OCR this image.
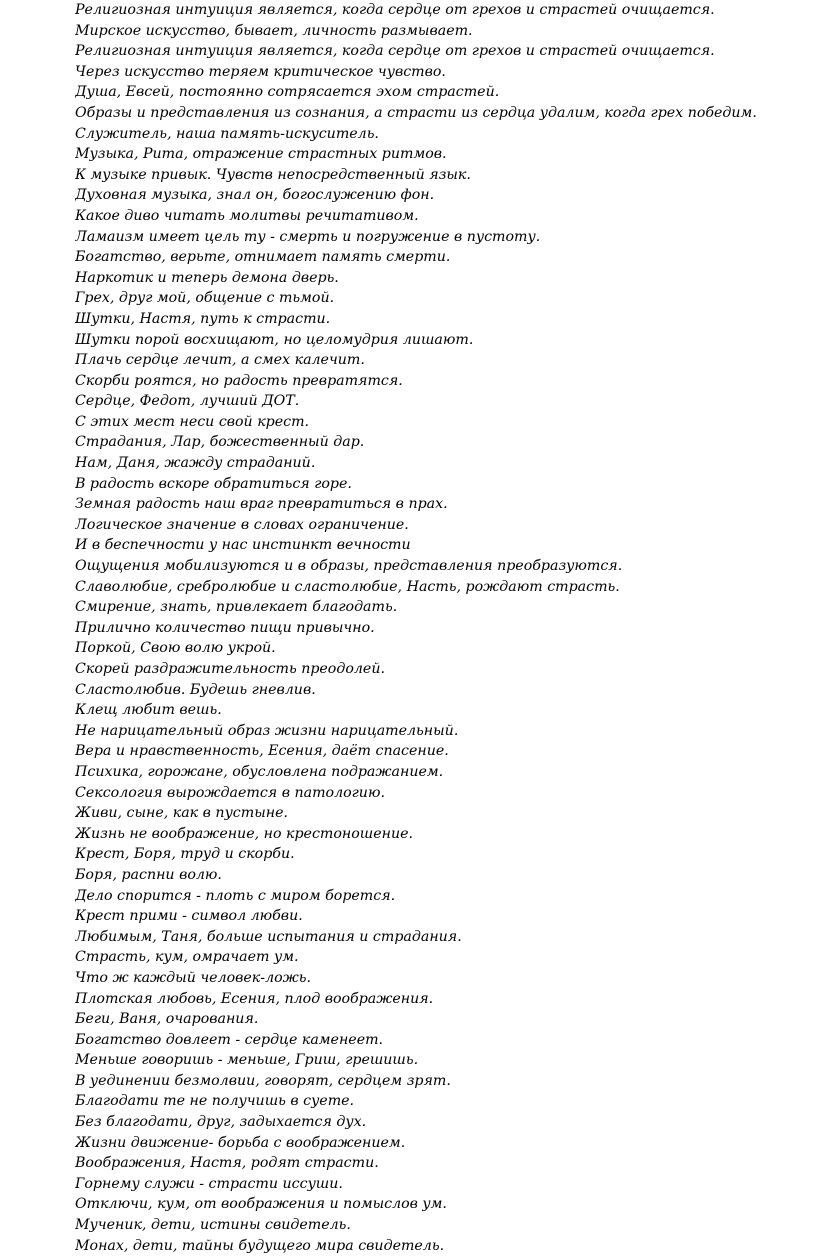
Религиозная интуиция является, когда сердце от грехов и страстей очищается.
Мирское искусство, бывает, личность размывает.
Религиозная интуиция является, когда сердце от грехов и страстей очищается.
Через искусство теряем критическое чувство.
Душа, Евсей, постоянно сотрясается эхом страстей.
Образы и представления из сознания, а страсти из сердца удалим, когда грех победим.
Служитель, наша память-искуситель.
Музыка, Рита, отражение страстных ритмов.
К музыке привык. Чувств непосредственный язык.
Духовная музыка, знал он, богослужению фон.
Какое диво читать молитвы речитативом.
Ламаизм имеет цель ту - смерть и погружение в пустоту.
Богатство, верьте, отнимает память смерти.
Наркотик и теперь демона дверь.
Грех, друг мой, общение с тьмой.
Шутки, Настя, путь к страсти.
Шутки порой восхищают, но целомудрия лишают.
Плачь сердце лечит, а смех калечит.
Скорби роятся, но радость превратятся.
Сердце, Федот, лучший ДОТ.
С этих мест неси свой крест.
Страдания, Лар, божественный дар.
Нам, Даня, жажду страданий.
В радость вскоре обратиться горе.
Земная радость наш враг превратиться в прах.
Логическое значение в словах ограничение.
И в беспечности у нас инстинкт вечности
Ощущения мобилизуются и в образы, представления преобразуются.
Славолюбие, сребролюбие и сластолюбие, Насть, рождают страсть.
Смирение, знать, привлекает благодать.
Прилично количество пищи привычно.
Поркой, Свою волю укрой.
Скорей раздражительность преодолей.
Сластолюбив. Будешь гневлив.
Клещ любит вешь.
Не нарицательный образ жизни нарицательный.
Вера и нравственность, Есения, даёт спасение.
Психика, горожане, обусловлена подражанием.
Сексология вырождается в патологию.
Живи, сыне, как в пустыне.
Жизнь не воображение, но крестоношение.
Крест, Боря, труд и скорби.
Боря, распни волю.
Дело спорится - плоть с миром борется.
Крест прими - символ любви.
Любимым, Таня, больше испытания и страдания.
Страсть, кум, омрачает ум.
Что ж каждый человек-ложь.
Плотская любовь, Есения, плод воображения.
Беги, Ваня, очарования.
Богатство довлеет - сердце каменеет.
Меньше говоришь - меньше, Гриш, грешишь.
В уединении безмолвии, говорят, сердцем зрят.
Благодати те не получишь в суете.
Без благодати, друг, задыхается дух.
Жизни движение- борьба с воображением.
Воображения, Настя, родят страсти.
Горнему служи - страсти иссуши.
Отключи, кум, от воображения и помыслов ум.
Мученик, дети, истины свидетель.
Монах, дети, тайны будущего мира свидетель.
